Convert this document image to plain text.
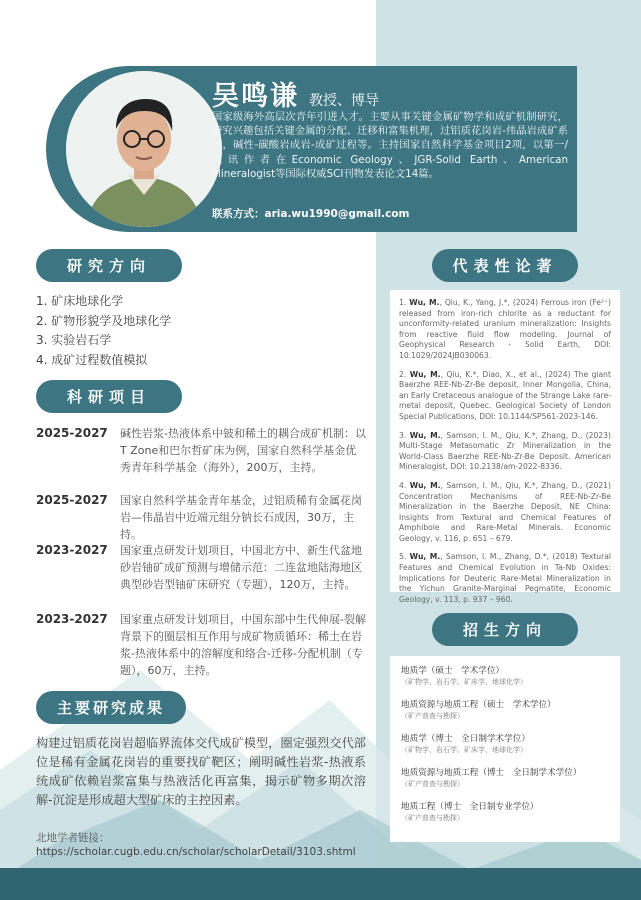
吴鸣谦 教授、博导
国家级海外高层次青年引进人才。主要从事关键金属矿物学和成矿机制研究，研究兴趣包括关键金属的分配、迁移和富集机理，过铝质花岗岩-伟晶岩成矿系统，碱性-碳酸岩成岩-成矿过程等。主持国家自然科学基金项目2项，以第一/通讯作者在Economic Geology、JGR-Solid Earth、American Mineralogist等国际权威SCI刊物发表论文14篇。
联系方式：aria.wu1990@gmail.com
研究方向
1. 矿床地球化学
2. 矿物形貌学及地球化学
3. 实验岩石学
4. 成矿过程数值模拟
科研项目
2025-2027	碱性岩浆-热液体系中铍和稀土的耦合成矿机制：以T Zone和巴尔哲矿床为例，国家自然科学基金优秀青年科学基金（海外），200万，主持。
2025-2027	国家自然科学基金青年基金，过铝质稀有金属花岗岩—伟晶岩中近端元组分钠长石成因，30万，主持。
2023-2027	国家重点研发计划项目，中国北方中、新生代盆地砂岩铀矿成矿预测与增储示范：二连盆地陆海地区典型砂岩型铀矿床研究（专题），120万，主持。
2023-2027	国家重点研发计划项目，中国东部中生代伸展-裂解背景下的圈层相互作用与成矿物质循环：稀土在岩浆-热液体系中的溶解度和络合-迁移-分配机制（专题），60万，主持。
主要研究成果
构建过铝质花岗岩超临界流体交代成矿模型，圈定强烈交代部位是稀有金属花岗岩的重要找矿靶区；阐明碱性岩浆-热液系统成矿依赖岩浆富集与热液活化再富集，揭示矿物多期次溶解-沉淀是形成超大型矿床的主控因素。
北地学者链接：
https://scholar.cugb.edu.cn/scholar/scholarDetail/3103.shtml
代表性论著
1. Wu, M., Qiu, K., Yang, J.*, (2024) Ferrous iron (Fe²⁺) released from iron-rich chlorite as a reductant for unconformity-related uranium mineralization: Insights from reactive fluid flow modeling. Journal of Geophysical Research - Solid Earth, DOI: 10.1029/2024JB030063.
2. Wu, M., Qiu, K.*, Diao, X., et al., (2024) The giant Baerzhe REE-Nb-Zr-Be deposit, Inner Mongolia, China, an Early Cretaceous analogue of the Strange Lake rare-metal deposit, Quebec. Geological Society of London Special Publications, DOI: 10.1144/SP561-2023-146.
3. Wu, M., Samson, I. M., Qiu, K.*, Zhang, D., (2023) Multi-Stage Metasomatic Zr Mineralization in the World-Class Baerzhe REE-Nb-Zr-Be Deposit. American Mineralogist, DOI: 10.2138/am-2022-8336.
4. Wu, M., Samson, I. M., Qiu, K.*, Zhang, D., (2021) Concentration Mechanisms of REE-Nb-Zr-Be Mineralization in the Baerzhe Deposit, NE China: Insights from Textural and Chemical Features of Amphibole and Rare-Metal Minerals. Economic Geology, v. 116, p. 651 – 679.
5. Wu, M., Samson, I. M., Zhang, D.*, (2018) Textural Features and Chemical Evolution in Ta-Nb Oxides: Implications for Deuteric Rare-Metal Mineralization in the Yichun Granite-Marginal Pegmatite, Economic Geology, v. 113, p. 937 – 960.
招生方向
地质学（硕士　学术学位）
（矿物学、岩石学、矿床学、地球化学）
地质资源与地质工程（硕士　学术学位）
（矿产普查与勘探）
地质学（博士　全日制学术学位）
（矿物学、岩石学、矿床学、地球化学）
地质资源与地质工程（博士　全日制学术学位）
（矿产普查与勘探）
地质工程（博士　全日制专业学位）
（矿产普查与勘探）
